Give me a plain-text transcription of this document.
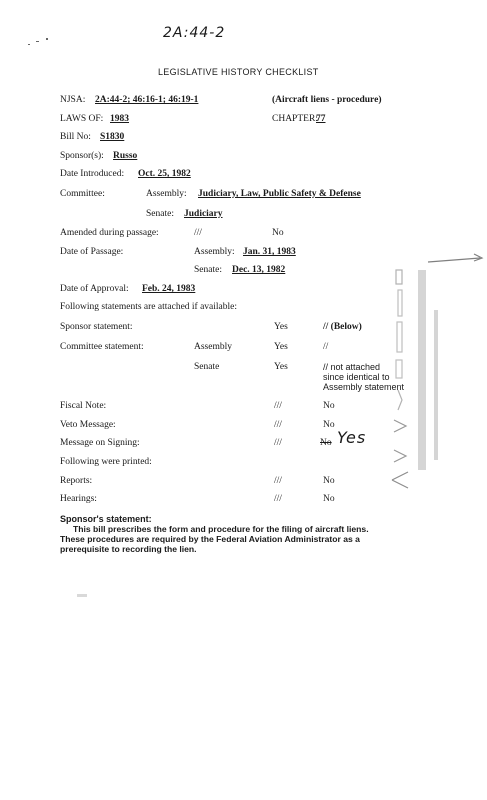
2A:44-2
LEGISLATIVE HISTORY CHECKLIST
NJSA: 2A:44-2; 46:16-1; 46:19-1	(Aircraft liens - procedure)
LAWS OF: 1983	CHAPTER:
77
Bill No: S1830
Sponsor(s): Russo
Date Introduced: Oct. 25, 1982
Committee:	Assembly: Judiciary, Law, Public Safety & Defense
Senate: Judiciary
Amended during passage:	///	No
Date of Passage:	Assembly: Jan. 31, 1983
Senate: Dec. 13, 1982
Date of Approval: Feb. 24, 1983
Following statements are attached if available:
Sponsor statement:	Yes	// (Below)
Committee statement:	Assembly	Yes	//
Senate	Yes	// not attached
since identical to
Assembly statement
Fiscal Note:	///	No
Veto Message:	///	No
Message on Signing:	///	No Yes
Following were printed:
Reports:	///	No
Hearings:	///	No
Sponsor's statement:
This bill prescribes the form and procedure for the filing of aircraft liens.
These procedures are required by the Federal Aviation Administrator as a
prerequisite to recording the lien.
